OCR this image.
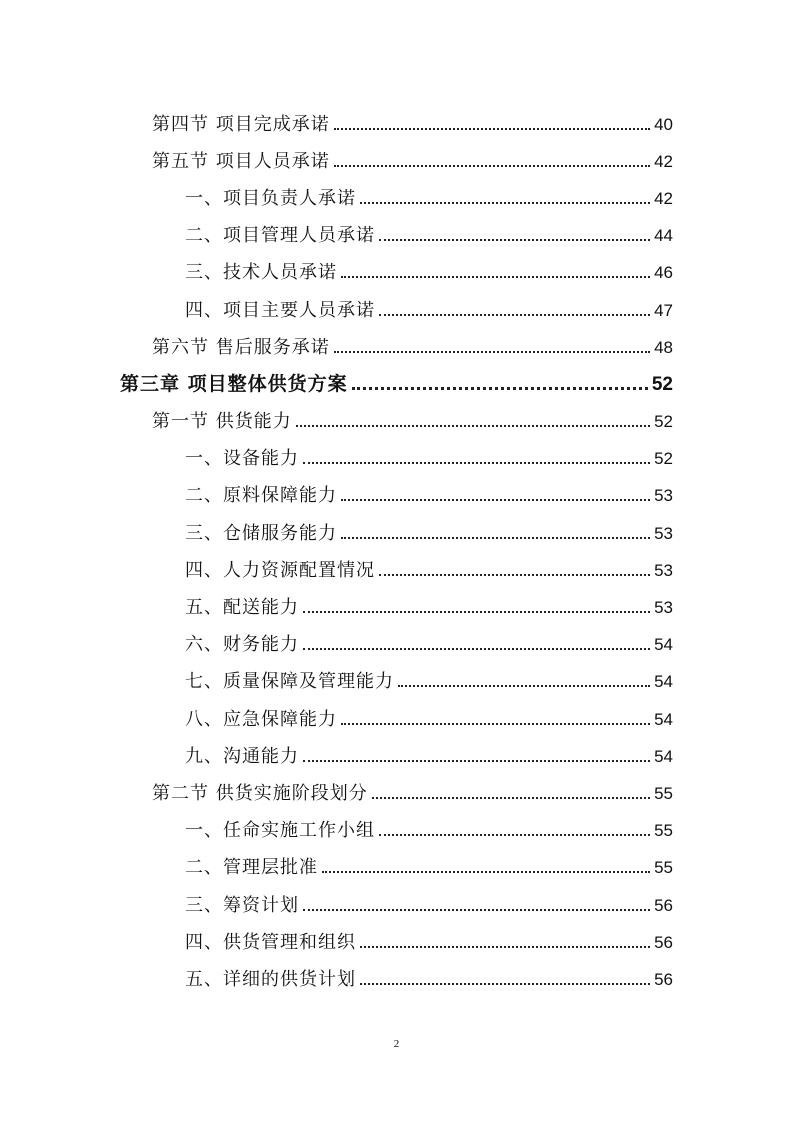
第四节 项目完成承诺	40
第五节 项目人员承诺	42
一、项目负责人承诺	42
二、项目管理人员承诺	44
三、技术人员承诺	46
四、项目主要人员承诺	47
第六节 售后服务承诺	48
第三章 项目整体供货方案	52
第一节 供货能力	52
一、设备能力	52
二、原料保障能力	53
三、仓储服务能力	53
四、人力资源配置情况	53
五、配送能力	53
六、财务能力	54
七、质量保障及管理能力	54
八、应急保障能力	54
九、沟通能力	54
第二节 供货实施阶段划分	55
一、任命实施工作小组	55
二、管理层批准	55
三、筹资计划	56
四、供货管理和组织	56
五、详细的供货计划	56
2
